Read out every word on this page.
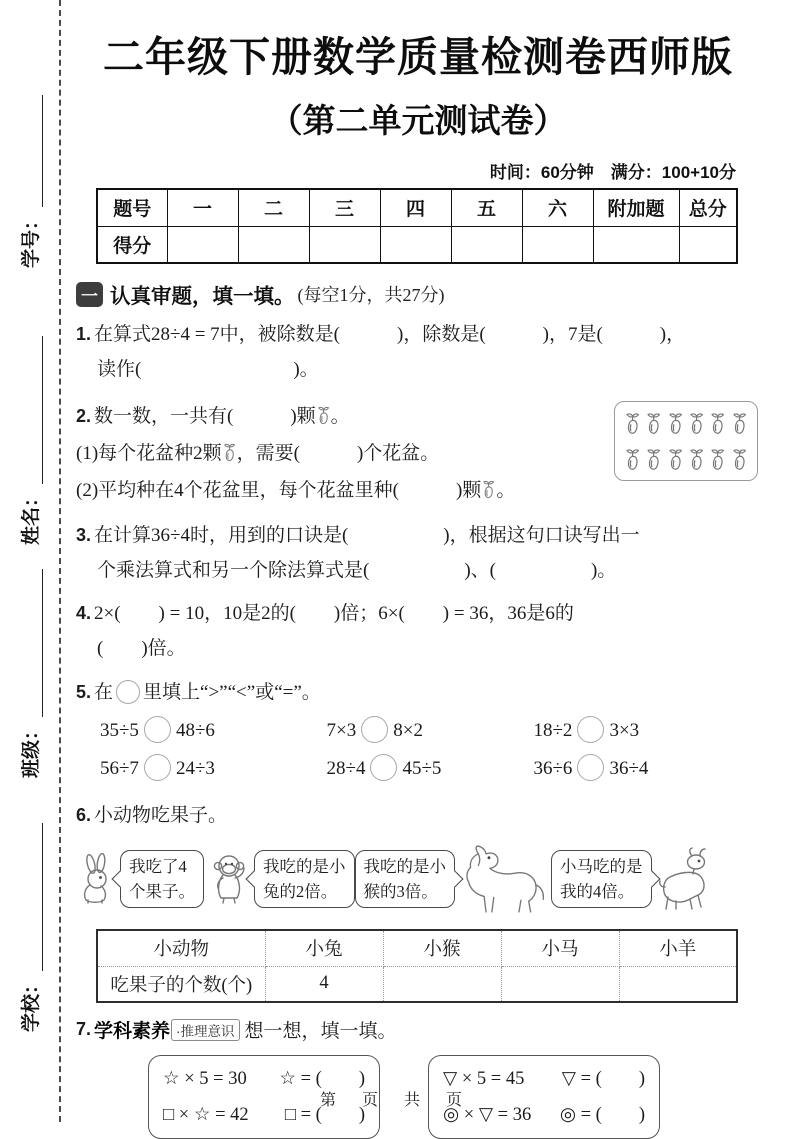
学号：
姓名：
班级：
学校：
二年级下册数学质量检测卷西师版
（第二单元测试卷）
时间：60分钟　满分：100+10分
题号	一	二	三	四	五	六	附加题	总分
得分								
一 认真审题，填一填。 (每空1分，共27分)
1. 在算式28÷4 = 7中，被除数是(　　　)，除数是(　　　)，7是(　　　)，
读作(　　　　　　　　)。
2. 数一数，一共有(　　　)颗 。
(1)每个花盆种2颗 ，需要(　　　)个花盆。
(2)平均种在4个花盆里，每个花盆里种(　　　)颗 。
3. 在计算36÷4时，用到的口诀是(　　　　　)，根据这句口诀写出一
个乘法算式和另一个除法算式是(　　　　　)、(　　　　　)。
4. 2×(　　) = 10，10是2的(　　)倍；6×(　　) = 36，36是6的
(　　)倍。
5. 在 里填上“>”“<”或“=”。
35÷5 48÷6	7×3 8×2	18÷2 3×3
56÷7 24÷3	28÷4 45÷5	36÷6 36÷4
6. 小动物吃果子。
我吃了4
个果子。
我吃的是小
兔的2倍。
我吃的是小
猴的3倍。
小马吃的是
我的4倍。
小动物	小兔	小猴	小马	小羊
吃果子的个数(个)	4			
7. 学科素养 ·推理意识 想一想，填一填。
☆ × 5 = 30 ☆ = (　　)
□ × ☆ = 42 □ = (　　)
▽ × 5 = 45 ▽ = (　　)
◎ × ▽ = 36 ◎ = (　　)
第 页 共 页
